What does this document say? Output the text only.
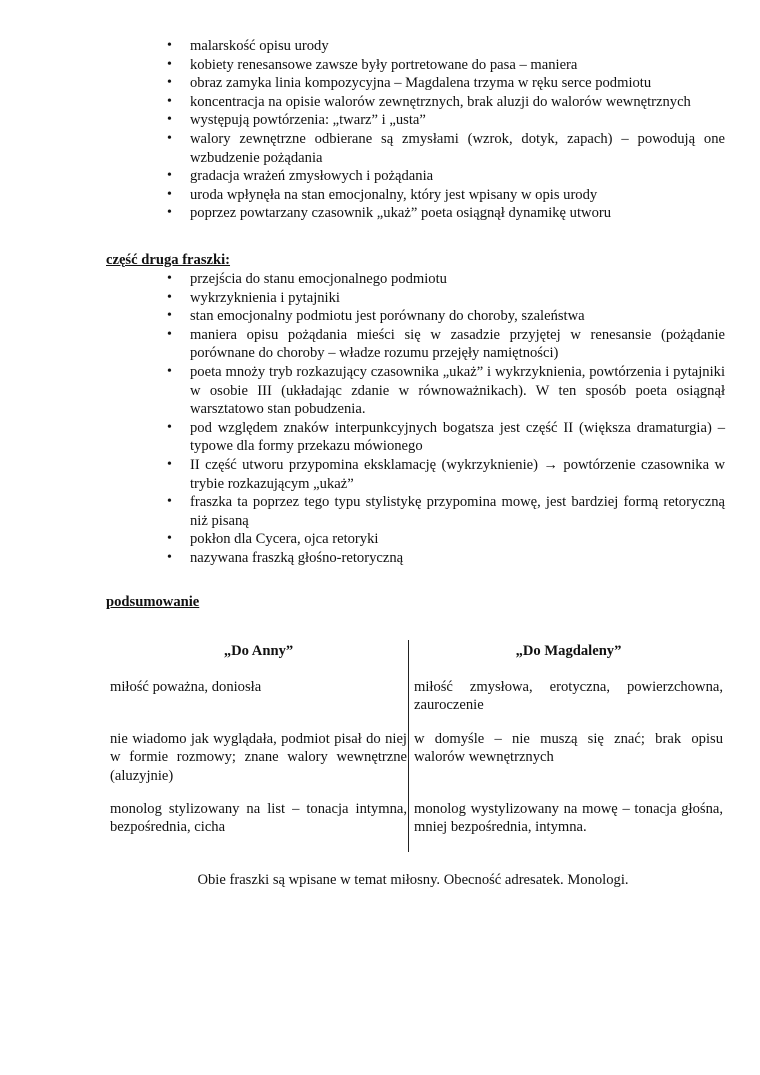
• malarskość opisu urody
• kobiety renesansowe zawsze były portretowane do pasa – maniera
• obraz zamyka linia kompozycyjna – Magdalena trzyma w ręku serce podmiotu
• koncentracja na opisie walorów zewnętrznych, brak aluzji do walorów wewnętrznych
• występują powtórzenia: „twarz” i „usta”
• walory zewnętrzne odbierane są zmysłami (wzrok, dotyk, zapach) – powodują one wzbudzenie pożądania
• gradacja wrażeń zmysłowych i pożądania
• uroda wpłynęła na stan emocjonalny, który jest wpisany w opis urody
• poprzez powtarzany czasownik „ukaż” poeta osiągnął dynamikę utworu
część druga fraszki:
• przejścia do stanu emocjonalnego podmiotu
• wykrzyknienia i pytajniki
• stan emocjonalny podmiotu jest porównany do choroby, szaleństwa
• maniera opisu pożądania mieści się w zasadzie przyjętej w renesansie (pożądanie porównane do choroby – władze rozumu przejęły namiętności)
• poeta mnoży tryb rozkazujący czasownika „ukaż” i wykrzyknienia, powtórzenia i pytajniki w osobie III (układając zdanie w równoważnikach). W ten sposób poeta osiągnął warsztatowo stan pobudzenia.
• pod względem znaków interpunkcyjnych bogatsza jest część II (większa dramaturgia) – typowe dla formy przekazu mówionego
• II część utworu przypomina eksklamację (wykrzyknienie) → powtórzenie czasownika w trybie rozkazującym „ukaż”
• fraszka ta poprzez tego typu stylistykę przypomina mowę, jest bardziej formą retoryczną niż pisaną
• pokłon dla Cycera, ojca retoryki
• nazywana fraszką głośno-retoryczną
podsumowanie
„Do Anny”
miłość poważna, doniosła
nie wiadomo jak wyglądała, podmiot pisał do niej w formie rozmowy; znane walory wewnętrzne (aluzyjnie)
monolog stylizowany na list – tonacja intymna, bezpośrednia, cicha
„Do Magdaleny”
miłość zmysłowa, erotyczna, powierzchowna, zauroczenie
w domyśle – nie muszą się znać; brak opisu walorów wewnętrznych
monolog wystylizowany na mowę – tonacja głośna, mniej bezpośrednia, intymna.
Obie fraszki są wpisane w temat miłosny. Obecność adresatek. Monologi.
